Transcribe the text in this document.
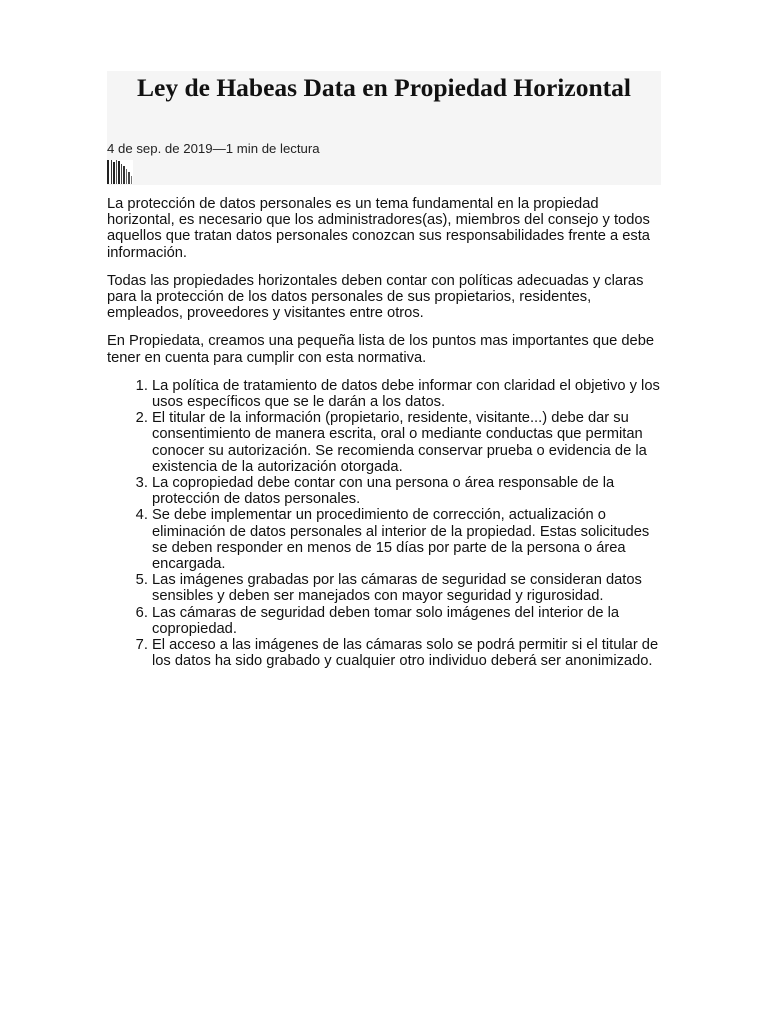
Ley de Habeas Data en Propiedad Horizontal
4 de sep. de 2019—1 min de lectura

La protección de datos personales es un tema fundamental en la propiedad horizontal, es necesario que los administradores(as), miembros del consejo y todos aquellos que tratan datos personales conozcan sus responsabilidades frente a esta información.

Todas las propiedades horizontales deben contar con políticas adecuadas y claras para la protección de los datos personales de sus propietarios, residentes, empleados, proveedores y visitantes entre otros.

En Propiedata, creamos una pequeña lista de los puntos mas importantes que debe tener en cuenta para cumplir con esta normativa.

1. La política de tratamiento de datos debe informar con claridad el objetivo y los usos específicos que se le darán a los datos.
2. El titular de la información (propietario, residente, visitante...) debe dar su consentimiento de manera escrita, oral o mediante conductas que permitan conocer su autorización. Se recomienda conservar prueba o evidencia de la existencia de la autorización otorgada.
3. La copropiedad debe contar con una persona o área responsable de la protección de datos personales.
4. Se debe implementar un procedimiento de corrección, actualización o eliminación de datos personales al interior de la propiedad. Estas solicitudes se deben responder en menos de 15 días por parte de la persona o área encargada.
5. Las imágenes grabadas por las cámaras de seguridad se consideran datos sensibles y deben ser manejados con mayor seguridad y rigurosidad.
6. Las cámaras de seguridad deben tomar solo imágenes del interior de la copropiedad.
7. El acceso a las imágenes de las cámaras solo se podrá permitir si el titular de los datos ha sido grabado y cualquier otro individuo deberá ser anonimizado.
